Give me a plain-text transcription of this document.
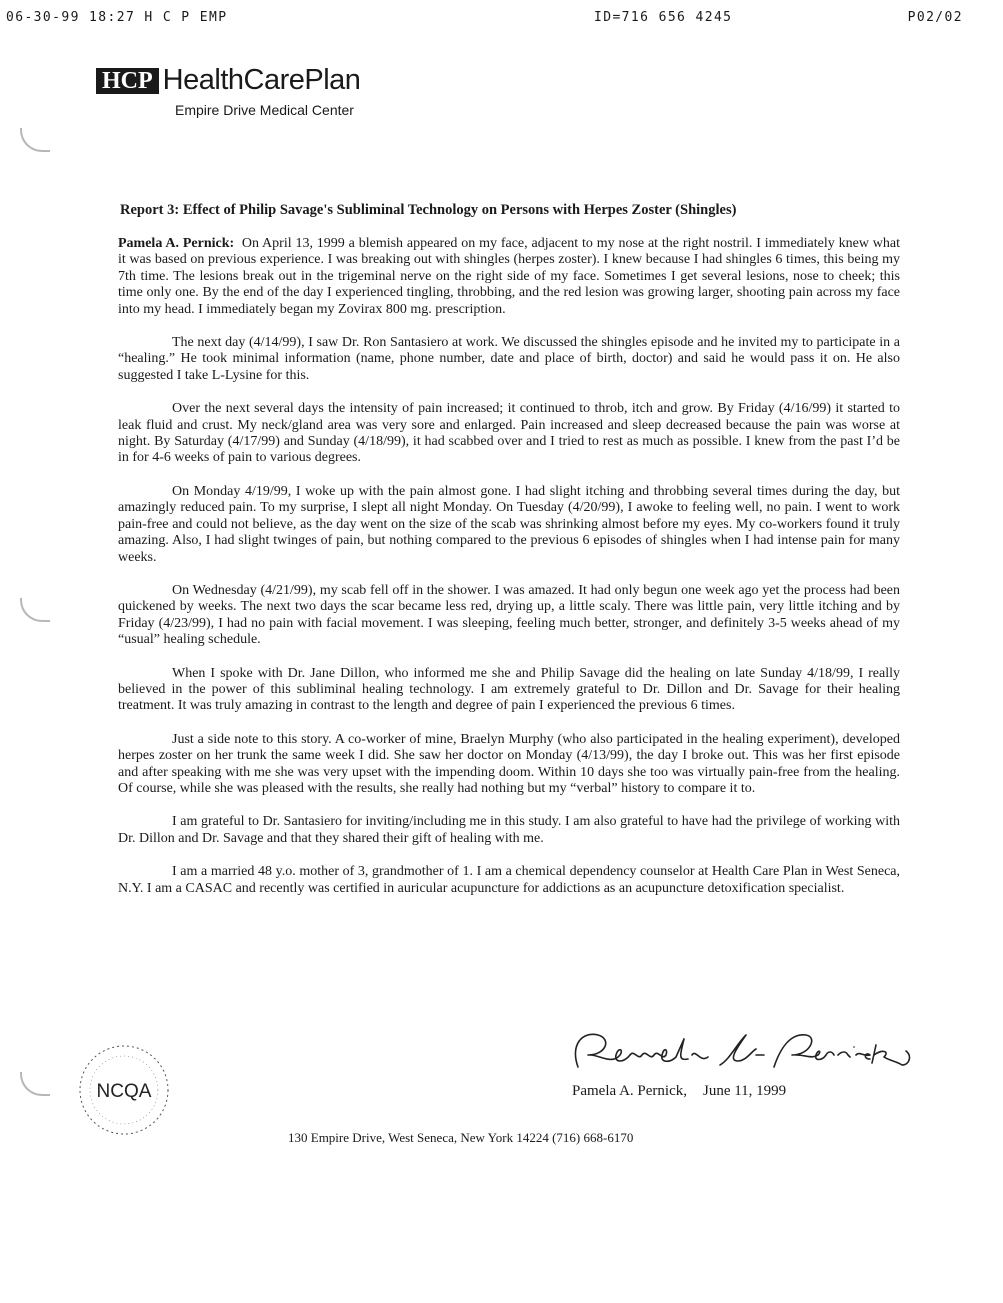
06-30-99 18:27 H C P EMP	ID=716 656 4245	P02/02
HCP HealthCarePlan
Empire Drive Medical Center
Report 3: Effect of Philip Savage's Subliminal Technology on Persons with Herpes Zoster (Shingles)

Pamela A. Pernick: On April 13, 1999 a blemish appeared on my face, adjacent to my nose at the right nostril. I immediately knew what it was based on previous experience. I was breaking out with shingles (herpes zoster). I knew because I had shingles 6 times, this being my 7th time. The lesions break out in the trigeminal nerve on the right side of my face. Sometimes I get several lesions, nose to cheek; this time only one. By the end of the day I experienced tingling, throbbing, and the red lesion was growing larger, shooting pain across my face into my head. I immediately began my Zovirax 800 mg. prescription.

The next day (4/14/99), I saw Dr. Ron Santasiero at work. We discussed the shingles episode and he invited my to participate in a “healing.” He took minimal information (name, phone number, date and place of birth, doctor) and said he would pass it on. He also suggested I take L-Lysine for this.

Over the next several days the intensity of pain increased; it continued to throb, itch and grow. By Friday (4/16/99) it started to leak fluid and crust. My neck/gland area was very sore and enlarged. Pain increased and sleep decreased because the pain was worse at night. By Saturday (4/17/99) and Sunday (4/18/99), it had scabbed over and I tried to rest as much as possible. I knew from the past I’d be in for 4-6 weeks of pain to various degrees.

On Monday 4/19/99, I woke up with the pain almost gone. I had slight itching and throbbing several times during the day, but amazingly reduced pain. To my surprise, I slept all night Monday. On Tuesday (4/20/99), I awoke to feeling well, no pain. I went to work pain-free and could not believe, as the day went on the size of the scab was shrinking almost before my eyes. My co-workers found it truly amazing. Also, I had slight twinges of pain, but nothing compared to the previous 6 episodes of shingles when I had intense pain for many weeks.

On Wednesday (4/21/99), my scab fell off in the shower. I was amazed. It had only begun one week ago yet the process had been quickened by weeks. The next two days the scar became less red, drying up, a little scaly. There was little pain, very little itching and by Friday (4/23/99), I had no pain with facial movement. I was sleeping, feeling much better, stronger, and definitely 3-5 weeks ahead of my “usual” healing schedule.

When I spoke with Dr. Jane Dillon, who informed me she and Philip Savage did the healing on late Sunday 4/18/99, I really believed in the power of this subliminal healing technology. I am extremely grateful to Dr. Dillon and Dr. Savage for their healing treatment. It was truly amazing in contrast to the length and degree of pain I experienced the previous 6 times.

Just a side note to this story. A co-worker of mine, Braelyn Murphy (who also participated in the healing experiment), developed herpes zoster on her trunk the same week I did. She saw her doctor on Monday (4/13/99), the day I broke out. This was her first episode and after speaking with me she was very upset with the impending doom. Within 10 days she too was virtually pain-free from the healing. Of course, while she was pleased with the results, she really had nothing but my “verbal” history to compare it to.

I am grateful to Dr. Santasiero for inviting/including me in this study. I am also grateful to have had the privilege of working with Dr. Dillon and Dr. Savage and that they shared their gift of healing with me.

I am a married 48 y.o. mother of 3, grandmother of 1. I am a chemical dependency counselor at Health Care Plan in West Seneca, N.Y. I am a CASAC and recently was certified in auricular acupuncture for addictions as an acupuncture detoxification specialist.

Pamela A. Pernick, June 11, 1999
NCQA
130 Empire Drive, West Seneca, New York 14224 (716) 668-6170
